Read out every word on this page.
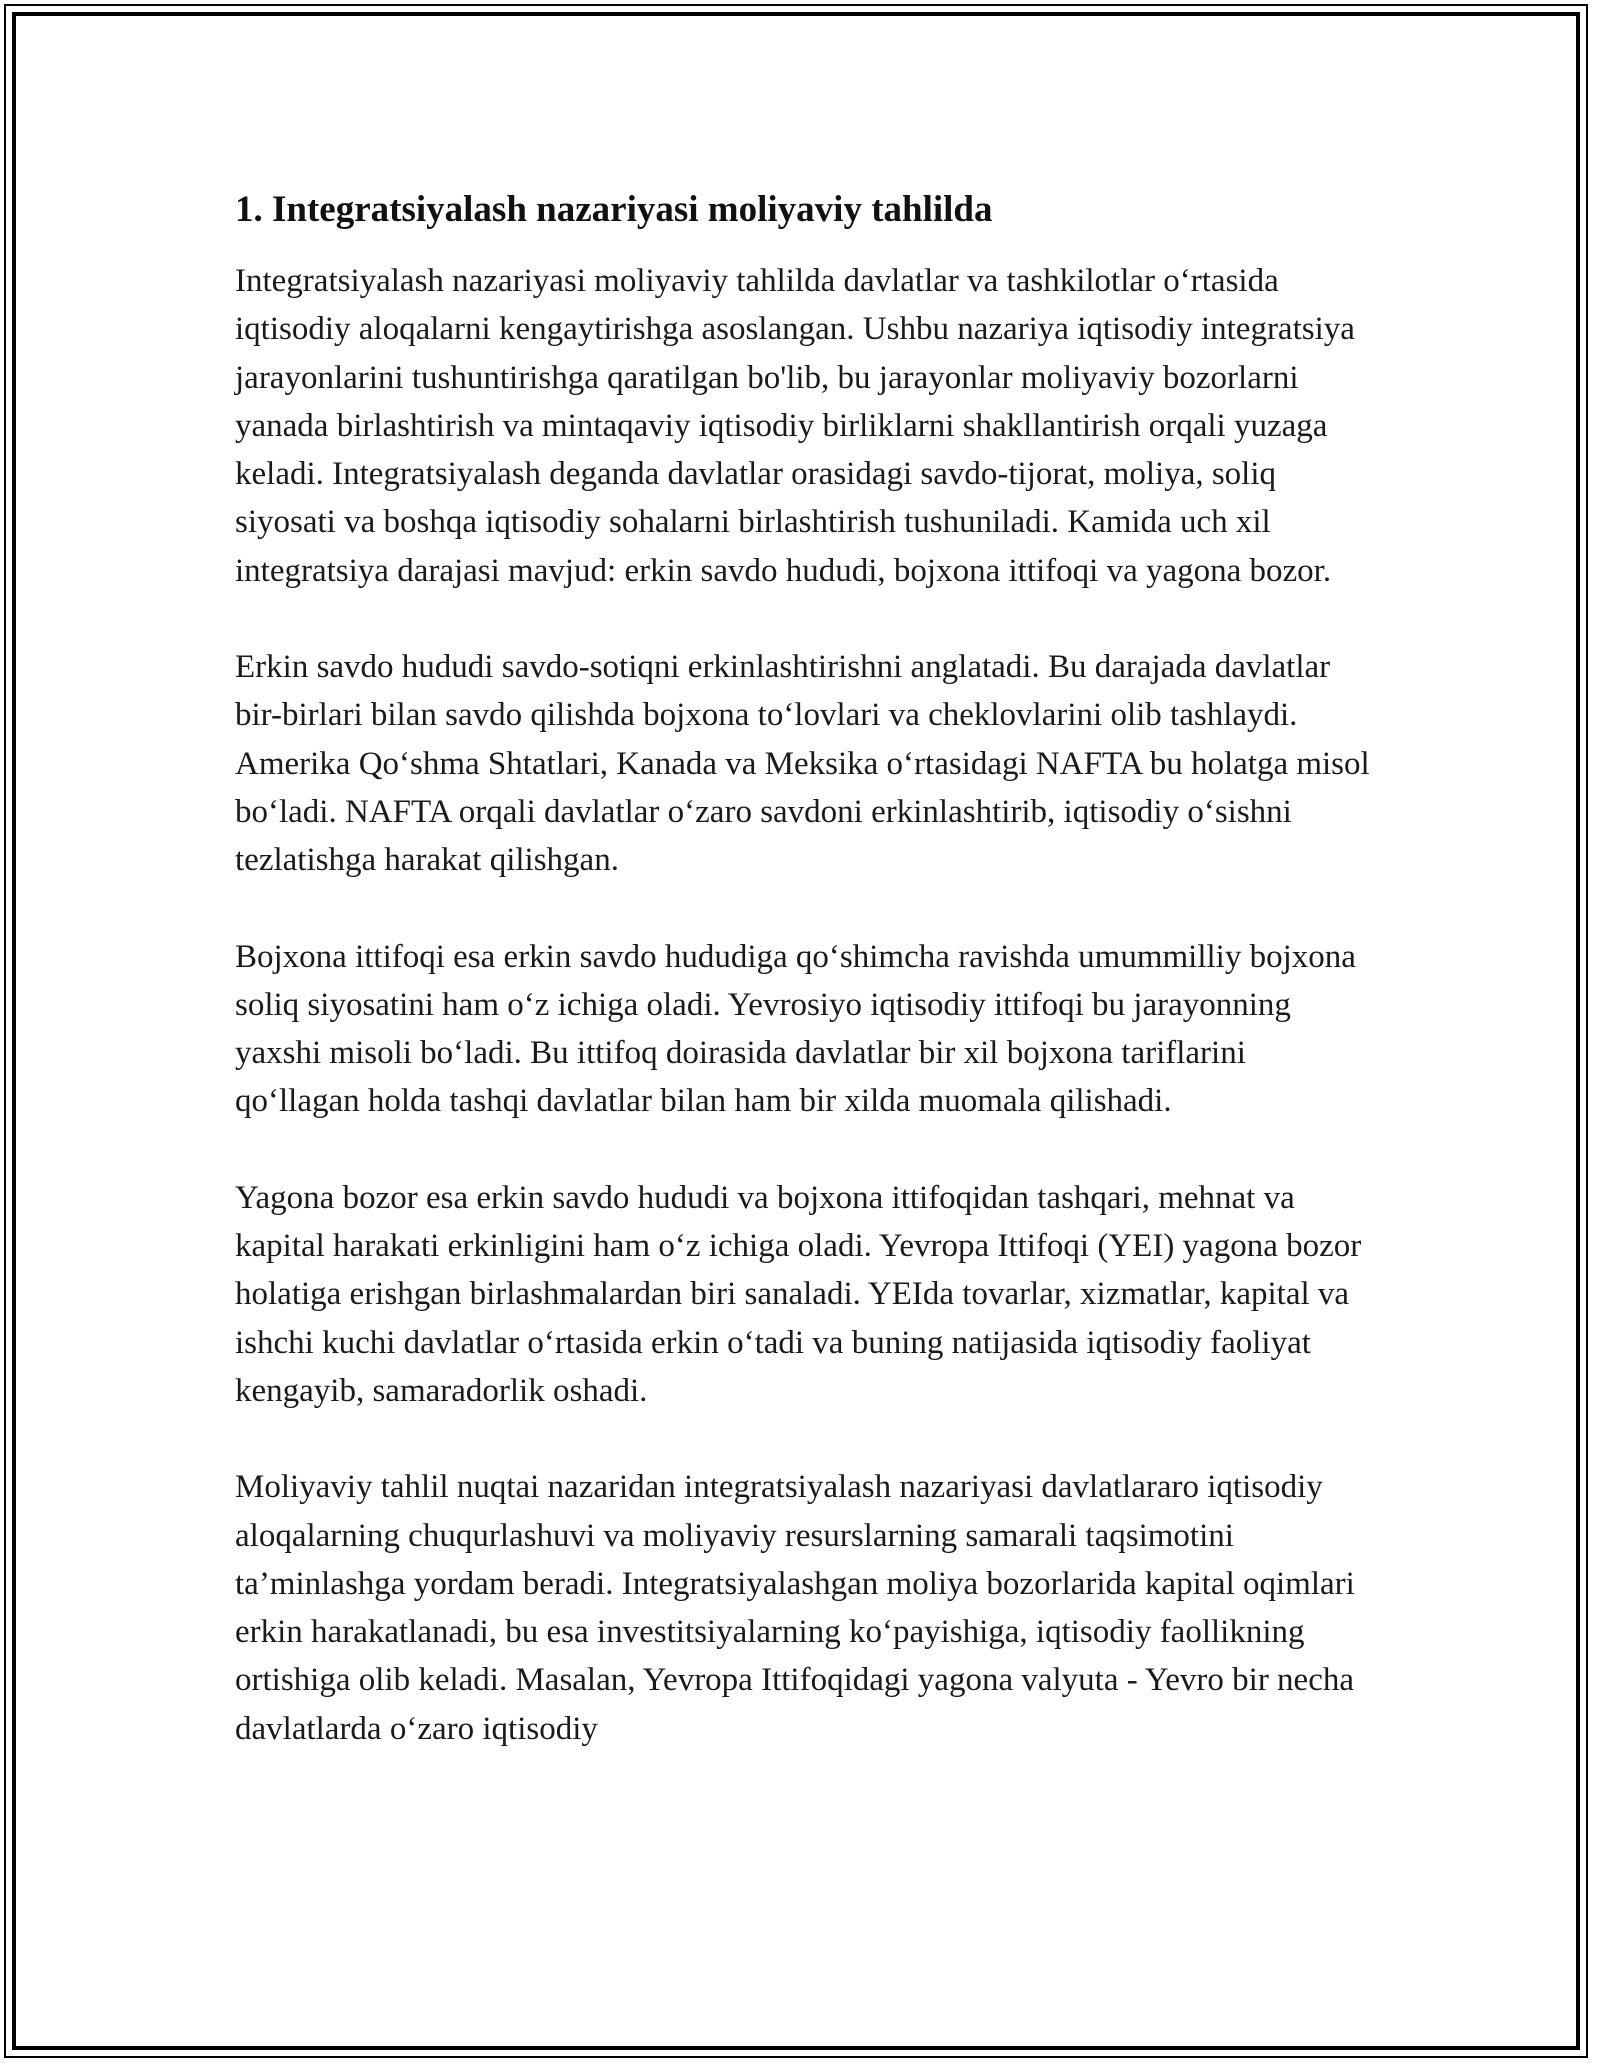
1. Integratsiyalash nazariyasi moliyaviy tahlilda

Integratsiyalash nazariyasi moliyaviy tahlilda davlatlar va tashkilotlar o‘rtasida iqtisodiy aloqalarni kengaytirishga asoslangan. Ushbu nazariya iqtisodiy integratsiya jarayonlarini tushuntirishga qaratilgan bo'lib, bu jarayonlar moliyaviy bozorlarni yanada birlashtirish va mintaqaviy iqtisodiy birliklarni shakllantirish orqali yuzaga keladi. Integratsiyalash deganda davlatlar orasidagi savdo-tijorat, moliya, soliq siyosati va boshqa iqtisodiy sohalarni birlashtirish tushuniladi. Kamida uch xil integratsiya darajasi mavjud: erkin savdo hududi, bojxona ittifoqi va yagona bozor.

Erkin savdo hududi savdo-sotiqni erkinlashtirishni anglatadi. Bu darajada davlatlar bir-birlari bilan savdo qilishda bojxona to‘lovlari va cheklovlarini olib tashlaydi. Amerika Qo‘shma Shtatlari, Kanada va Meksika o‘rtasidagi NAFTA bu holatga misol bo‘ladi. NAFTA orqali davlatlar o‘zaro savdoni erkinlashtirib, iqtisodiy o‘sishni tezlatishga harakat qilishgan.

Bojxona ittifoqi esa erkin savdo hududiga qo‘shimcha ravishda umummilliy bojxona soliq siyosatini ham o‘z ichiga oladi. Yevrosiyo iqtisodiy ittifoqi bu jarayonning yaxshi misoli bo‘ladi. Bu ittifoq doirasida davlatlar bir xil bojxona tariflarini qo‘llagan holda tashqi davlatlar bilan ham bir xilda muomala qilishadi.

Yagona bozor esa erkin savdo hududi va bojxona ittifoqidan tashqari, mehnat va kapital harakati erkinligini ham o‘z ichiga oladi. Yevropa Ittifoqi (YEI) yagona bozor holatiga erishgan birlashmalardan biri sanaladi. YEIda tovarlar, xizmatlar, kapital va ishchi kuchi davlatlar o‘rtasida erkin o‘tadi va buning natijasida iqtisodiy faoliyat kengayib, samaradorlik oshadi.

Moliyaviy tahlil nuqtai nazaridan integratsiyalash nazariyasi davlatlararo iqtisodiy aloqalarning chuqurlashuvi va moliyaviy resurslarning samarali taqsimotini ta’minlashga yordam beradi. Integratsiyalashgan moliya bozorlarida kapital oqimlari erkin harakatlanadi, bu esa investitsiyalarning ko‘payishiga, iqtisodiy faollikning ortishiga olib keladi. Masalan, Yevropa Ittifoqidagi yagona valyuta - Yevro bir necha davlatlarda o‘zaro iqtisodiy
